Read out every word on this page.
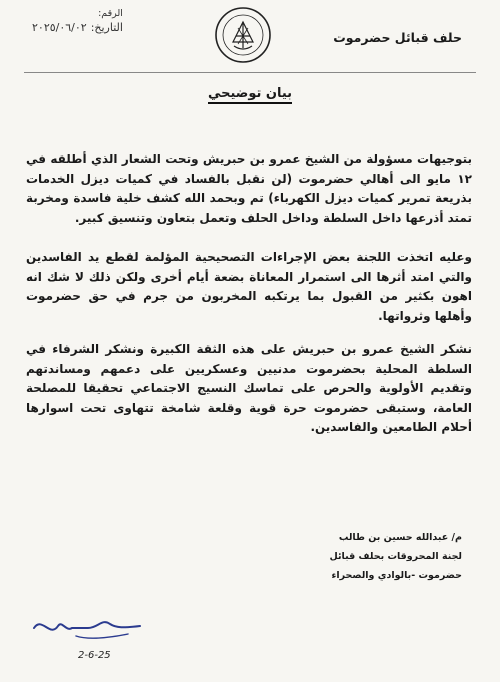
حلف قبائل حضرموت
الرقم:
التاريخ:
٢٠٢٥/٠٦/٠٢
بيان توضيحي

بتوجيهات مسؤولة من الشيخ عمرو بن حبريش وتحت الشعار الذي أطلقه في ١٢ مايو الى أهالي حضرموت (لن نقبل بالفساد في كميات ديزل الخدمات بذريعة تمرير كميات ديزل الكهرباء) تم وبحمد الله كشف خلية فاسدة ومخربة تمتد أذرعها داخل السلطة وداخل الحلف وتعمل بتعاون وتنسيق كبير.

وعليه اتخذت اللجنة بعض الإجراءات التصحيحية المؤلمة لقطع يد الفاسدين والتي امتد أثرها الى استمرار المعاناة بضعة أيام أخرى ولكن ذلك لا شك انه اهون بكثير من القبول بما يرتكبه المخربون من جرم في حق حضرموت وأهلها وثرواتها.

نشكر الشيخ عمرو بن حبريش على هذه الثقة الكبيرة ونشكر الشرفاء في السلطة المحلية بحضرموت مدنيين وعسكريين على دعمهم ومساندتهم وتقديم الأولوية والحرص على تماسك النسيج الاجتماعي تحقيقا للمصلحة العامة، وستبقى حضرموت حرة قوية وقلعة شامخة تتهاوى تحت اسوارها أحلام الطامعين والفاسدين.

م/ عبدالله حسين بن طالب
لجنة المحروقات بحلف قبائل
حضرموت -بالوادي والصحراء
2-6-25
